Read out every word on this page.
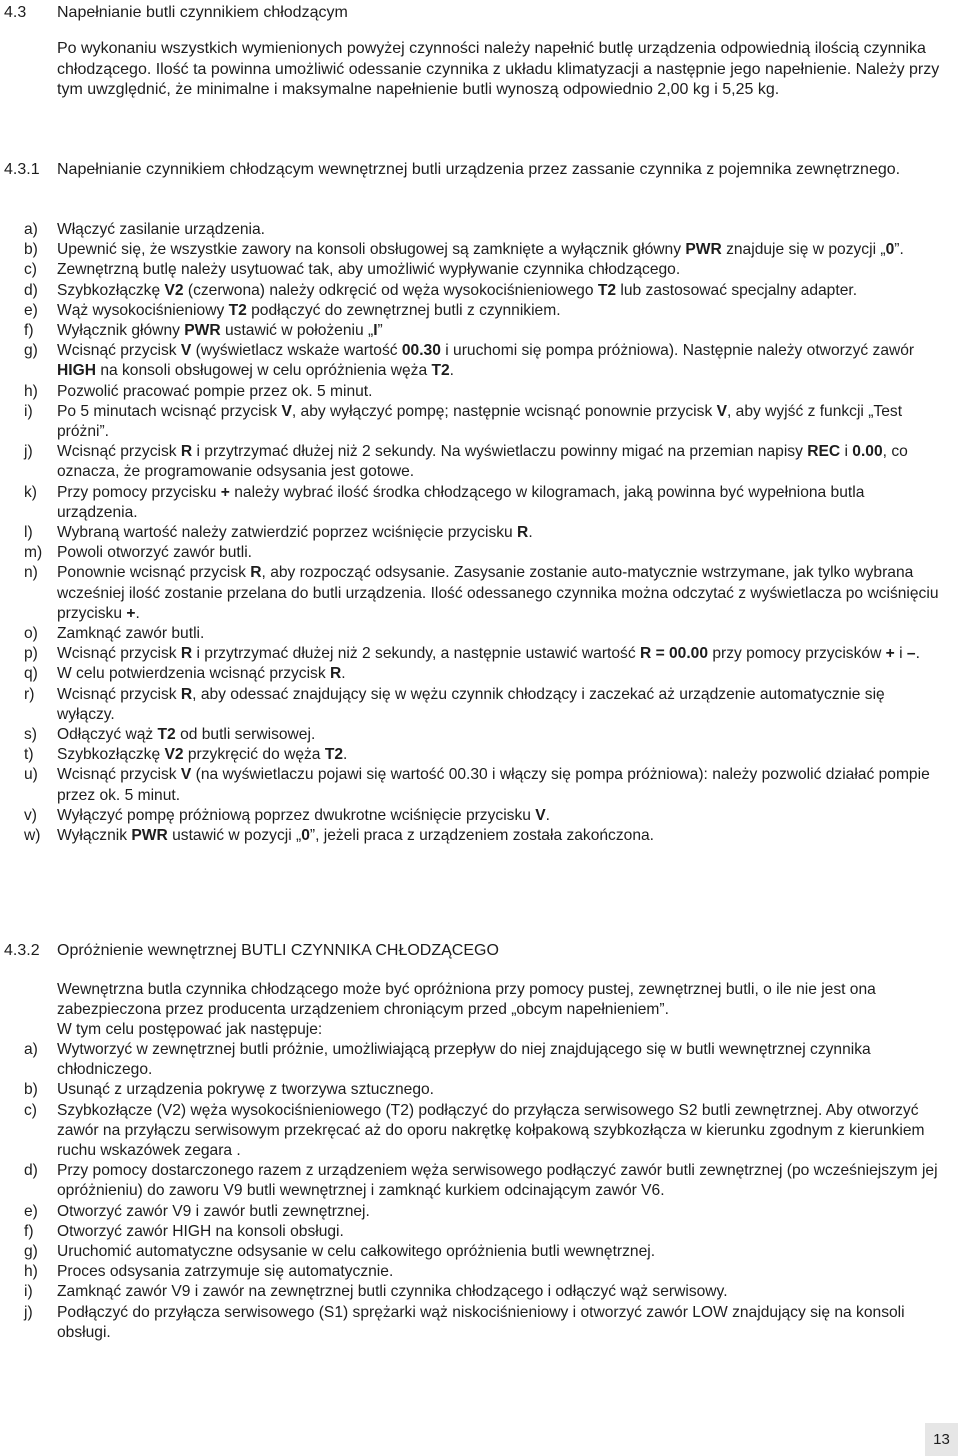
4.3 Napełnianie butli czynnikiem chłodzącym
Po wykonaniu wszystkich wymienionych powyżej czynności należy napełnić butlę urządzenia odpowiednią ilością czynnika chłodzącego. Ilość ta powinna umożliwić odessanie czynnika z układu klimatyzacji a następnie jego napełnienie. Należy przy tym uwzględnić, że minimalne i maksymalne napełnienie butli wynoszą odpowiednio 2,00 kg i 5,25 kg.
4.3.1	Napełnianie czynnikiem chłodzącym wewnętrznej butli urządzenia przez zassanie czynnika z pojemnika zewnętrznego.
a) Włączyć zasilanie urządzenia.
b) Upewnić się, że wszystkie zawory na konsoli obsługowej są zamknięte a wyłącznik główny PWR znajduje się w pozycji „0”.
c) Zewnętrzną butlę należy usytuować tak, aby umożliwić wypływanie czynnika chłodzącego.
d) Szybkozłączkę V2 (czerwona) należy odkręcić od węża wysokociśnieniowego T2 lub zastosować specjalny adapter.
e) Wąż wysokociśnieniowy T2 podłączyć do zewnętrznej butli z czynnikiem.
f) Wyłącznik główny PWR ustawić w położeniu „I”
g) Wcisnąć przycisk V (wyświetlacz wskaże wartość 00.30 i uruchomi się pompa próżniowa). Następnie należy otworzyć zawór HIGH na konsoli obsługowej w celu opróżnienia węża T2.
h) Pozwolić pracować pompie przez ok. 5 minut.
i) Po 5 minutach wcisnąć przycisk V, aby wyłączyć pompę; następnie wcisnąć ponownie przycisk V, aby wyjść z funkcji „Test próżni”.
j) Wcisnąć przycisk R i przytrzymać dłużej niż 2 sekundy. Na wyświetlaczu powinny migać na przemian napisy REC i 0.00, co oznacza, że programowanie odsysania jest gotowe.
k) Przy pomocy przycisku + należy wybrać ilość środka chłodzącego w kilogramach, jaką powinna być wypełniona butla urządzenia.
l) Wybraną wartość należy zatwierdzić poprzez wciśnięcie przycisku R.
m) Powoli otworzyć zawór butli.
n) Ponownie wcisnąć przycisk R, aby rozpocząć odsysanie. Zasysanie zostanie auto-matycznie wstrzymane, jak tylko wybrana wcześniej ilość zostanie przelana do butli urządzenia. Ilość odessanego czynnika można odczytać z wyświetlacza po wciśnięciu przycisku +.
o) Zamknąć zawór butli.
p) Wcisnąć przycisk R i przytrzymać dłużej niż 2 sekundy, a następnie ustawić wartość R = 00.00 przy pomocy przycisków + i –.
q) W celu potwierdzenia wcisnąć przycisk R.
r) Wcisnąć przycisk R, aby odessać znajdujący się w wężu czynnik chłodzący i zaczekać aż urządzenie automatycznie się wyłączy.
s) Odłączyć wąż T2 od butli serwisowej.
t) Szybkozłączkę V2 przykręcić do węża T2.
u) Wcisnąć przycisk V (na wyświetlaczu pojawi się wartość 00.30 i włączy się pompa próżniowa): należy pozwolić działać pompie przez ok. 5 minut.
v) Wyłączyć pompę próżniową poprzez dwukrotne wciśnięcie przycisku V.
w) Wyłącznik PWR ustawić w pozycji „0”, jeżeli praca z urządzeniem została zakończona.
4.3.2	Opróżnienie wewnętrznej BUTLI CZYNNIKA CHŁODZĄCEGO
Wewnętrzna butla czynnika chłodzącego może być opróżniona przy pomocy pustej, zewnętrznej butli, o ile nie jest ona zabezpieczona przez producenta urządzeniem chroniącym przed „obcym napełnieniem”.
W tym celu postępować jak następuje:
a) Wytworzyć w zewnętrznej butli próżnie, umożliwiającą przepływ do niej znajdującego się w butli wewnętrznej czynnika chłodniczego.
b) Usunąć z urządzenia pokrywę z tworzywa sztucznego.
c) Szybkozłącze (V2) węża wysokociśnieniowego (T2) podłączyć do przyłącza serwisowego S2 butli zewnętrznej. Aby otworzyć zawór na przyłączu serwisowym przekręcać aż do oporu nakrętkę kołpakową szybkozłącza w kierunku zgodnym z kierunkiem ruchu wskazówek zegara .
d) Przy pomocy dostarczonego razem z urządzeniem węża serwisowego podłączyć zawór butli zewnętrznej (po wcześniejszym jej opróżnieniu) do zaworu V9 butli wewnętrznej i zamknąć kurkiem odcinającym zawór V6.
e) Otworzyć zawór V9 i zawór butli zewnętrznej.
f) Otworzyć zawór HIGH na konsoli obsługi.
g) Uruchomić automatyczne odsysanie w celu całkowitego opróżnienia butli wewnętrznej.
h) Proces odsysania zatrzymuje się automatycznie.
i) Zamknąć zawór V9 i zawór na zewnętrznej butli czynnika chłodzącego i odłączyć wąż serwisowy.
j) Podłączyć do przyłącza serwisowego (S1) sprężarki wąż niskociśnieniowy i otworzyć zawór LOW znajdujący się na konsoli obsługi.
13
